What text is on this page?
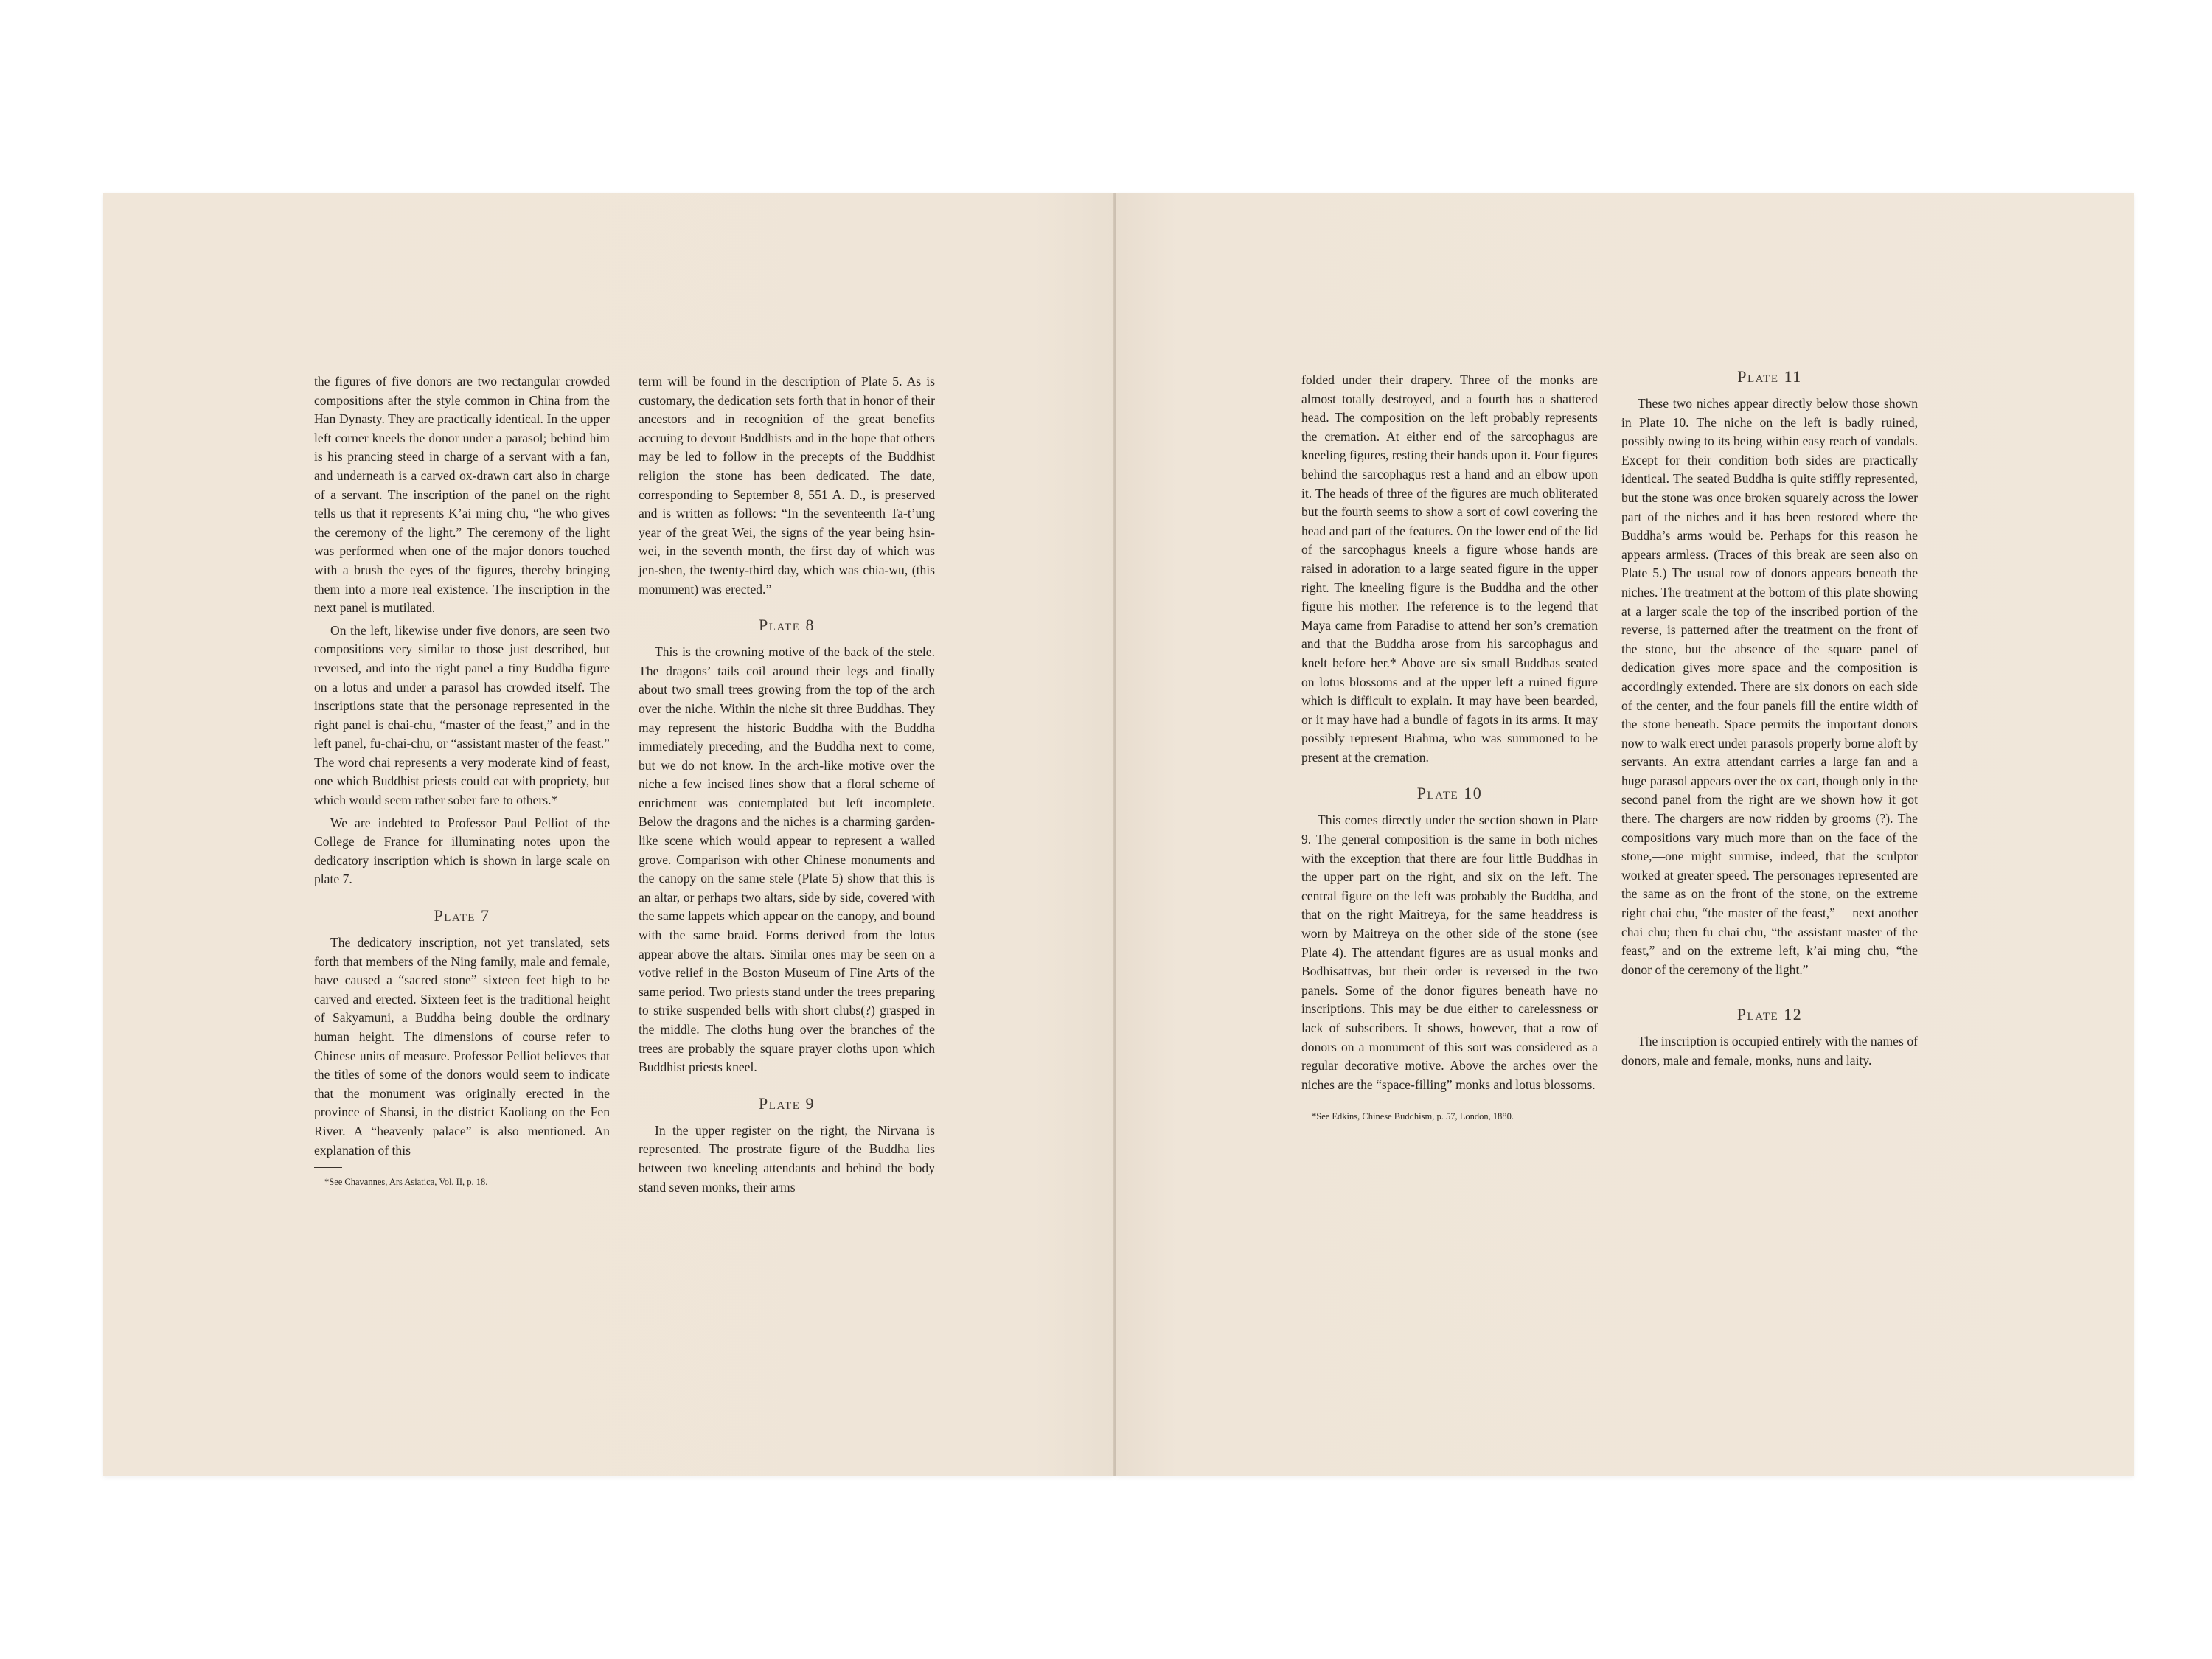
the figures of five donors are two rectangular crowded compositions after the style common in China from the Han Dynasty. They are practically identical. In the upper left corner kneels the donor under a parasol; behind him is his prancing steed in charge of a servant with a fan, and underneath is a carved ox-drawn cart also in charge of a servant. The inscription of the panel on the right tells us that it represents K’ai ming chu, “he who gives the ceremony of the light.” The ceremony of the light was performed when one of the major donors touched with a brush the eyes of the figures, thereby bringing them into a more real existence. The inscription in the next panel is mutilated.

On the left, likewise under five donors, are seen two compositions very similar to those just described, but reversed, and into the right panel a tiny Buddha figure on a lotus and under a parasol has crowded itself. The inscriptions state that the personage represented in the right panel is chai-chu, “master of the feast,” and in the left panel, fu-chai-chu, or “assistant master of the feast.” The word chai represents a very moderate kind of feast, one which Buddhist priests could eat with propriety, but which would seem rather sober fare to others.*

We are indebted to Professor Paul Pelliot of the College de France for illuminating notes upon the dedicatory inscription which is shown in large scale on plate 7.

Plate 7

The dedicatory inscription, not yet translated, sets forth that members of the Ning family, male and female, have caused a “sacred stone” sixteen feet high to be carved and erected. Sixteen feet is the traditional height of Sakyamuni, a Buddha being double the ordinary human height. The dimensions of course refer to Chinese units of measure. Professor Pelliot believes that the titles of some of the donors would seem to indicate that the monument was originally erected in the province of Shansi, in the district Kaoliang on the Fen River. A “heavenly palace” is also mentioned. An explanation of this

*See Chavannes, Ars Asiatica, Vol. II, p. 18.

term will be found in the description of Plate 5. As is customary, the dedication sets forth that in honor of their ancestors and in recognition of the great benefits accruing to devout Buddhists and in the hope that others may be led to follow in the precepts of the Buddhist religion the stone has been dedicated. The date, corresponding to September 8, 551 A. D., is preserved and is written as follows: “In the seventeenth Ta-t’ung year of the great Wei, the signs of the year being hsin-wei, in the seventh month, the first day of which was jen-shen, the twenty-third day, which was chia-wu, (this monument) was erected.”

Plate 8

This is the crowning motive of the back of the stele. The dragons’ tails coil around their legs and finally about two small trees growing from the top of the arch over the niche. Within the niche sit three Buddhas. They may represent the historic Buddha with the Buddha immediately preceding, and the Buddha next to come, but we do not know. In the arch-like motive over the niche a few incised lines show that a floral scheme of enrichment was contemplated but left incomplete. Below the dragons and the niches is a charming garden-like scene which would appear to represent a walled grove. Comparison with other Chinese monuments and the canopy on the same stele (Plate 5) show that this is an altar, or perhaps two altars, side by side, covered with the same lappets which appear on the canopy, and bound with the same braid. Forms derived from the lotus appear above the altars. Similar ones may be seen on a votive relief in the Boston Museum of Fine Arts of the same period. Two priests stand under the trees preparing to strike suspended bells with short clubs(?) grasped in the middle. The cloths hung over the branches of the trees are probably the square prayer cloths upon which Buddhist priests kneel.

Plate 9

In the upper register on the right, the Nirvana is represented. The prostrate figure of the Buddha lies between two kneeling attendants and behind the body stand seven monks, their arms

folded under their drapery. Three of the monks are almost totally destroyed, and a fourth has a shattered head. The composition on the left probably represents the cremation. At either end of the sarcophagus are kneeling figures, resting their hands upon it. Four figures behind the sarcophagus rest a hand and an elbow upon it. The heads of three of the figures are much obliterated but the fourth seems to show a sort of cowl covering the head and part of the features. On the lower end of the lid of the sarcophagus kneels a figure whose hands are raised in adoration to a large seated figure in the upper right. The kneeling figure is the Buddha and the other figure his mother. The reference is to the legend that Maya came from Paradise to attend her son’s cremation and that the Buddha arose from his sarcophagus and knelt before her.* Above are six small Buddhas seated on lotus blossoms and at the upper left a ruined figure which is difficult to explain. It may have been bearded, or it may have had a bundle of fagots in its arms. It may possibly represent Brahma, who was summoned to be present at the cremation.

Plate 10

This comes directly under the section shown in Plate 9. The general composition is the same in both niches with the exception that there are four little Buddhas in the upper part on the right, and six on the left. The central figure on the left was probably the Buddha, and that on the right Maitreya, for the same headdress is worn by Maitreya on the other side of the stone (see Plate 4). The attendant figures are as usual monks and Bodhisattvas, but their order is reversed in the two panels. Some of the donor figures beneath have no inscriptions. This may be due either to carelessness or lack of subscribers. It shows, however, that a row of donors on a monument of this sort was considered as a regular decorative motive. Above the arches over the niches are the “space-filling” monks and lotus blossoms.

*See Edkins, Chinese Buddhism, p. 57, London, 1880.
Plate 11

These two niches appear directly below those shown in Plate 10. The niche on the left is badly ruined, possibly owing to its being within easy reach of vandals. Except for their condition both sides are practically identical. The seated Buddha is quite stiffly represented, but the stone was once broken squarely across the lower part of the niches and it has been restored where the Buddha’s arms would be. Perhaps for this reason he appears armless. (Traces of this break are seen also on Plate 5.) The usual row of donors appears beneath the niches. The treatment at the bottom of this plate showing at a larger scale the top of the inscribed portion of the reverse, is patterned after the treatment on the front of the stone, but the absence of the square panel of dedication gives more space and the composition is accordingly extended. There are six donors on each side of the center, and the four panels fill the entire width of the stone beneath. Space permits the important donors now to walk erect under parasols properly borne aloft by servants. An extra attendant carries a large fan and a huge parasol appears over the ox cart, though only in the second panel from the right are we shown how it got there. The chargers are now ridden by grooms (?). The compositions vary much more than on the face of the stone,—one might surmise, indeed, that the sculptor worked at greater speed. The personages represented are the same as on the front of the stone, on the extreme right chai chu, “the master of the feast,” —next another chai chu; then fu chai chu, “the assistant master of the feast,” and on the extreme left, k’ai ming chu, “the donor of the ceremony of the light.”

Plate 12

The inscription is occupied entirely with the names of donors, male and female, monks, nuns and laity.
